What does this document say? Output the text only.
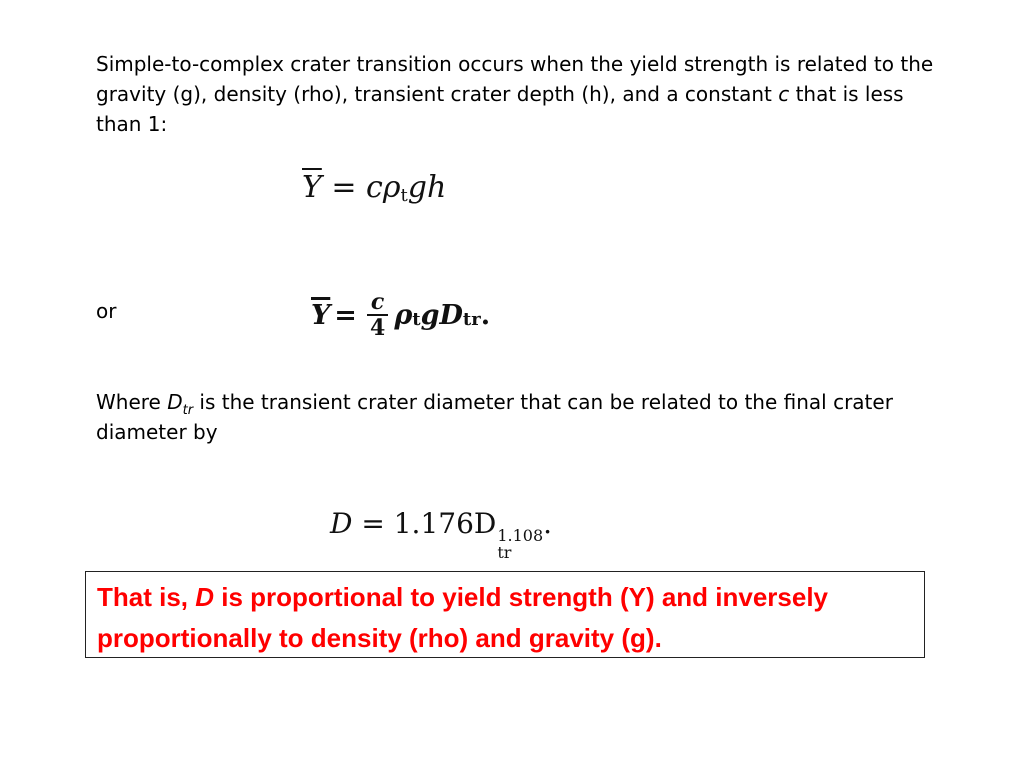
Simple-to-complex crater transition occurs when the yield strength is related to the gravity (g), density (rho), transient crater depth (h), and a constant c that is less than 1:

$\overline{Y} = c\rho tgh$
or	$\overline{Y} = \frac{c}{4}$ ρ t gD tr .

Where $D_{tr}$ is the transient crater diameter that can be related to the final crater diameter by

D = 1.176D 1.108
tr
.

That is, D is proportional to yield strength (Y) and inversely proportionally to density (rho) and gravity (g).
